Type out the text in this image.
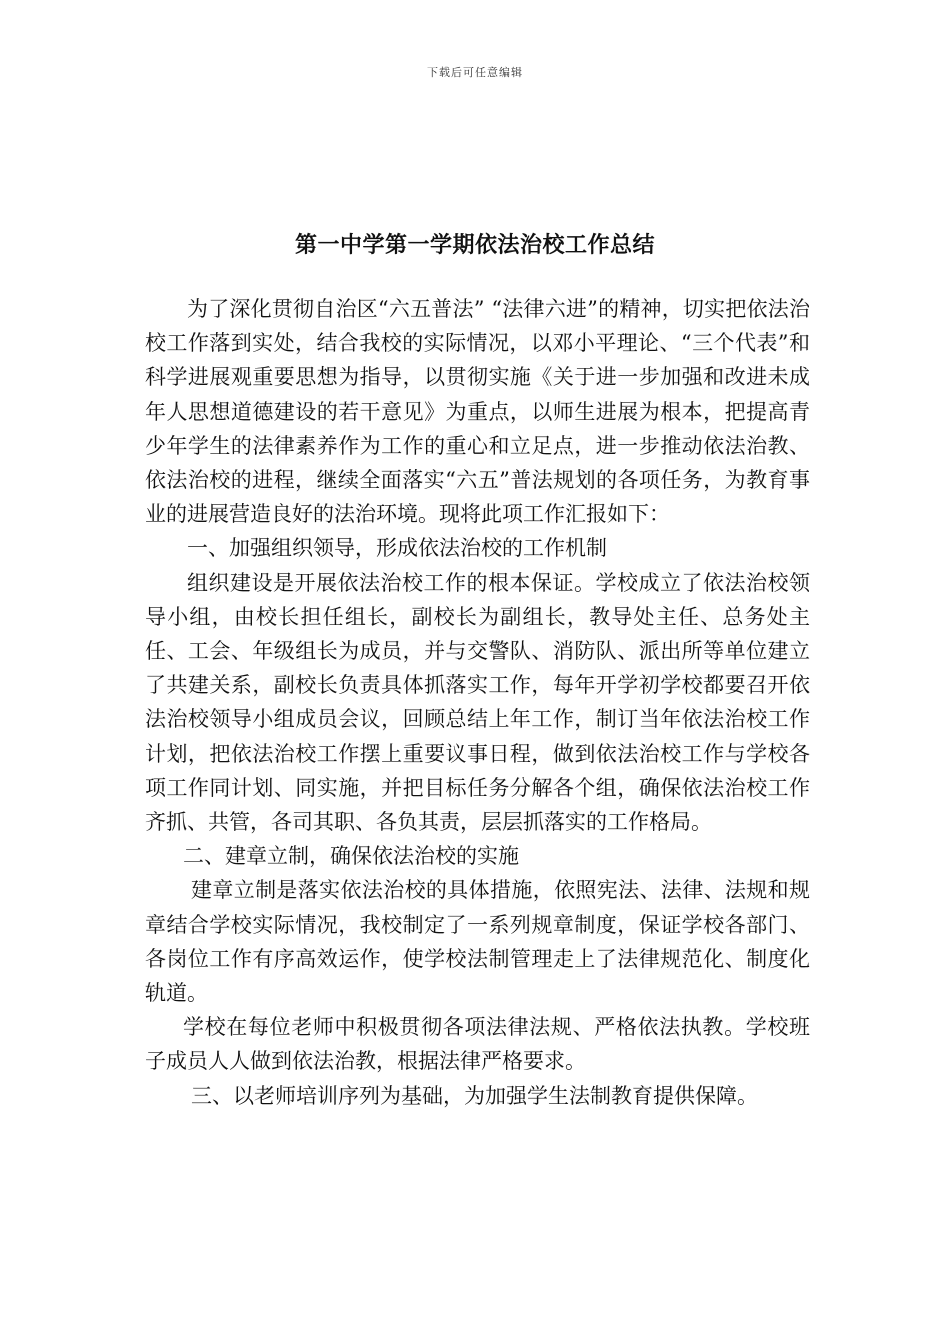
下载后可任意编辑
第一中学第一学期依法治校工作总结

为了深化贯彻自治区“六五普法” “法律六进”的精神，切实把依法治校工作落到实处，结合我校的实际情况，以邓小平理论、“三个代表”和科学进展观重要思想为指导，以贯彻实施《关于进一步加强和改进未成年人思想道德建设的若干意见》为重点，以师生进展为根本，把提高青少年学生的法律素养作为工作的重心和立足点，进一步推动依法治教、依法治校的进程，继续全面落实“六五”普法规划的各项任务，为教育事业的进展营造良好的法治环境。现将此项工作汇报如下：

一、加强组织领导，形成依法治校的工作机制

组织建设是开展依法治校工作的根本保证。学校成立了依法治校领导小组，由校长担任组长，副校长为副组长，教导处主任、总务处主任、工会、年级组长为成员，并与交警队、消防队、派出所等单位建立了共建关系，副校长负责具体抓落实工作，每年开学初学校都要召开依法治校领导小组成员会议，回顾总结上年工作，制订当年依法治校工作计划，把依法治校工作摆上重要议事日程，做到依法治校工作与学校各项工作同计划、同实施，并把目标任务分解各个组，确保依法治校工作齐抓、共管，各司其职、各负其责，层层抓落实的工作格局。

二、建章立制，确保依法治校的实施

建章立制是落实依法治校的具体措施，依照宪法、法律、法规和规章结合学校实际情况，我校制定了一系列规章制度，保证学校各部门、各岗位工作有序高效运作，使学校法制管理走上了法律规范化、制度化轨道。

学校在每位老师中积极贯彻各项法律法规、严格依法执教。学校班子成员人人做到依法治教，根据法律严格要求。

三、以老师培训序列为基础，为加强学生法制教育提供保障。
